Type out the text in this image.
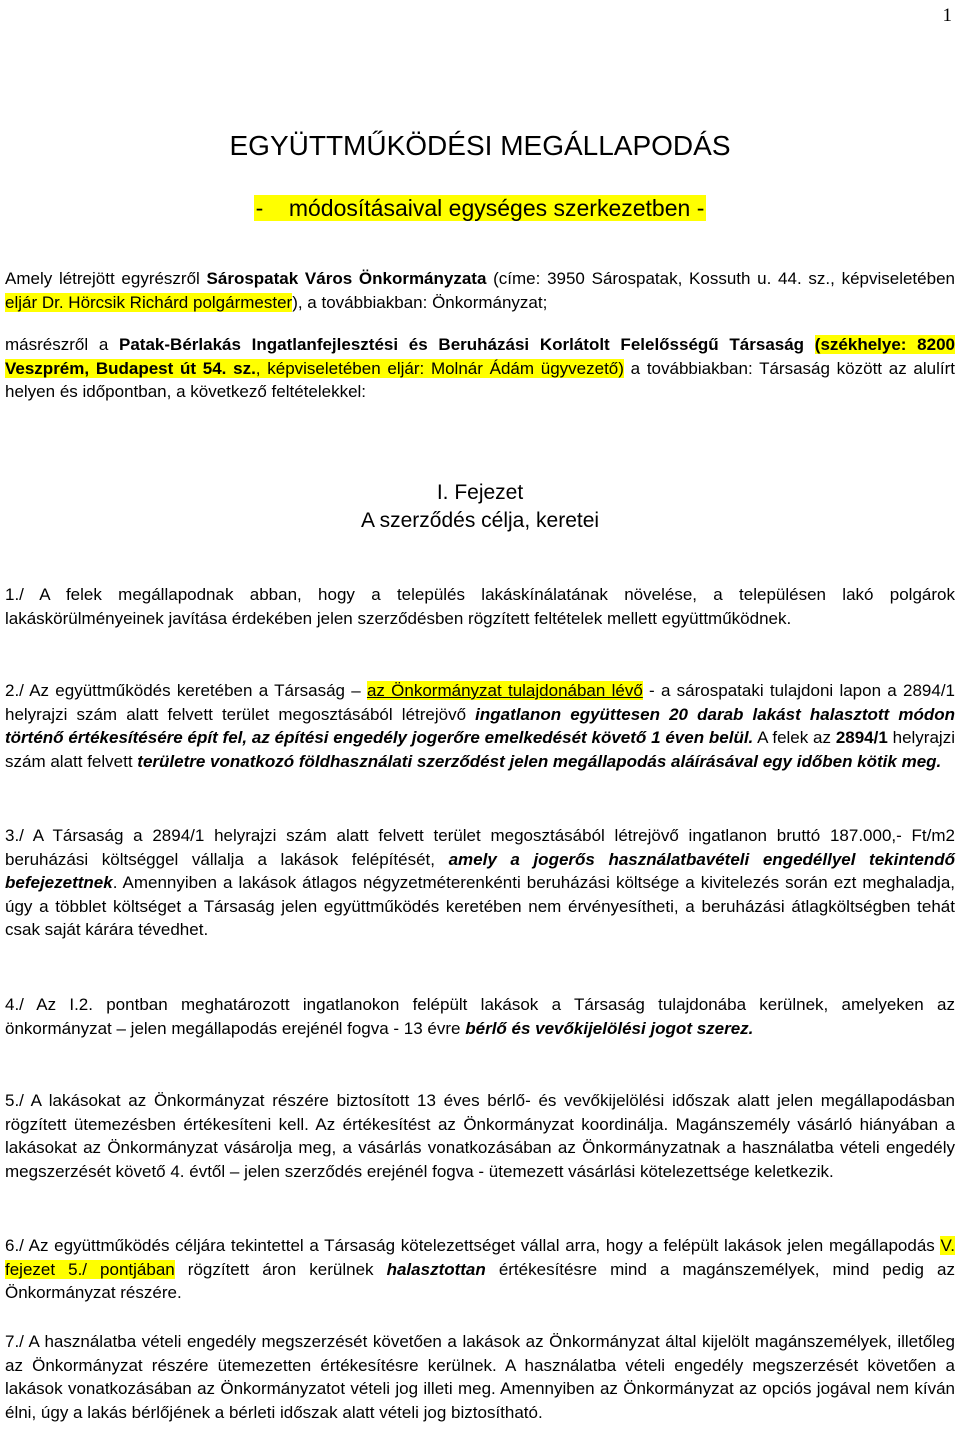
1
EGYÜTTMŰKÖDÉSI MEGÁLLAPODÁS
-    módosításaival egységes szerkezetben -
Amely létrejött egyrészről Sárospatak Város Önkormányzata (címe: 3950 Sárospatak, Kossuth u. 44. sz., képviseletében eljár Dr. Hörcsik Richárd polgármester), a továbbiakban: Önkormányzat;
másrészről a Patak-Bérlakás Ingatlanfejlesztési és Beruházási Korlátolt Felelősségű Társaság (székhelye: 8200 Veszprém, Budapest út 54. sz., képviseletében eljár: Molnár Ádám ügyvezető) a továbbiakban: Társaság között az alulírt helyen és időpontban, a következő feltételekkel:
I. Fejezet
A szerződés célja, keretei
1./ A felek megállapodnak abban, hogy a település lakáskínálatának növelése, a településen lakó polgárok lakáskörülményeinek javítása érdekében jelen szerződésben rögzített feltételek mellett együttműködnek.
2./ Az együttműködés keretében a Társaság – az Önkormányzat tulajdonában lévő - a sárospataki tulajdoni lapon a 2894/1 helyrajzi szám alatt felvett terület megosztásából létrejövő ingatlanon együttesen 20 darab lakást halasztott módon történő értékesítésére épít fel, az építési engedély jogerőre emelkedését követő 1 éven belül. A felek az 2894/1 helyrajzi szám alatt felvett területre vonatkozó földhasználati szerződést jelen megállapodás aláírásával egy időben kötik meg.
3./ A Társaság a 2894/1 helyrajzi szám alatt felvett terület megosztásából létrejövő ingatlanon bruttó 187.000,- Ft/m2 beruházási költséggel vállalja a lakások felépítését, amely a jogerős használatbavételi engedéllyel tekintendő befejezettnek. Amennyiben a lakások átlagos négyzetméterenkénti beruházási költsége a kivitelezés során ezt meghaladja, úgy a többlet költséget a Társaság jelen együttműködés keretében nem érvényesítheti, a beruházási átlagköltségben tehát csak saját kárára tévedhet.
4./ Az I.2. pontban meghatározott ingatlanokon felépült lakások a Társaság tulajdonába kerülnek, amelyeken az önkormányzat – jelen megállapodás erejénél fogva - 13 évre bérlő és vevőkijelölési jogot szerez.
5./ A lakásokat az Önkormányzat részére biztosított 13 éves bérlő- és vevőkijelölési időszak alatt jelen megállapodásban rögzített ütemezésben értékesíteni kell. Az értékesítést az Önkormányzat koordinálja. Magánszemély vásárló hiányában a lakásokat az Önkormányzat vásárolja meg, a vásárlás vonatkozásában az Önkormányzatnak a használatba vételi engedély megszerzését követő 4. évtől – jelen szerződés erejénél fogva - ütemezett vásárlási kötelezettsége keletkezik.
6./ Az együttműködés céljára tekintettel a Társaság kötelezettséget vállal arra, hogy a felépült lakások jelen megállapodás V. fejezet 5./ pontjában rögzített áron kerülnek halasztottan értékesítésre mind a magánszemélyek, mind pedig az Önkormányzat részére.
7./ A használatba vételi engedély megszerzését követően a lakások az Önkormányzat által kijelölt magánszemélyek, illetőleg az Önkormányzat részére ütemezetten értékesítésre kerülnek. A használatba vételi engedély megszerzését követően a lakások vonatkozásában az Önkormányzatot vételi jog illeti meg. Amennyiben az Önkormányzat az opciós jogával nem kíván élni, úgy a lakás bérlőjének a bérleti időszak alatt vételi jog biztosítható.
